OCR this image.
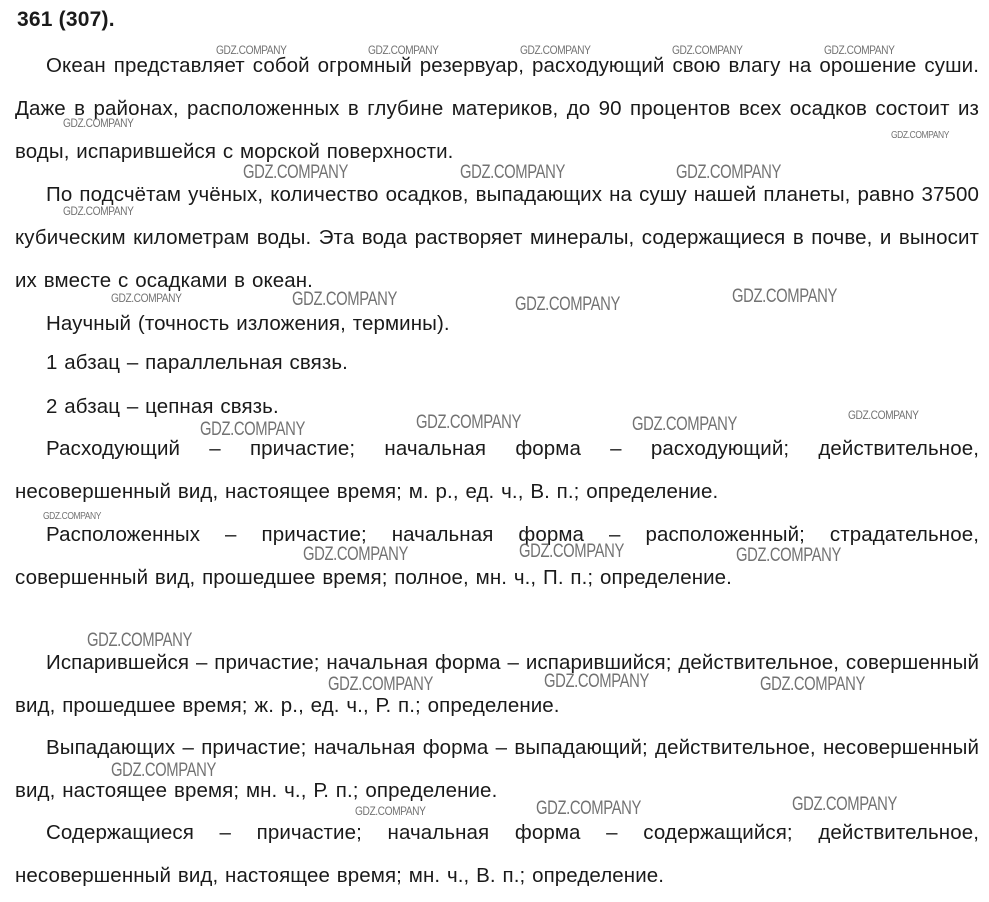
361 (307).

Океан представляет собой огромный резервуар, расходующий свою влагу на орошение суши. Даже в районах, расположенных в глубине материков, до 90 процентов всех осадков состоит из воды, испарившейся с морской поверхности.

По подсчётам учёных, количество осадков, выпадающих на сушу нашей планеты, равно 37500 кубическим километрам воды. Эта вода растворяет минералы, содержащиеся в почве, и выносит их вместе с осадками в океан.

Научный (точность изложения, термины).

1 абзац – параллельная связь.

2 абзац – цепная связь.

Расходующий – причастие; начальная форма – расходующий; действительное, несовершенный вид, настоящее время; м. р., ед. ч., В. п.; определение.

Расположенных – причастие; начальная форма – расположенный; страдательное, совершенный вид, прошедшее время; полное, мн. ч., П. п.; определение.

Испарившейся – причастие; начальная форма – испарившийся; действительное, совершенный вид, прошедшее время; ж. р., ед. ч., Р. п.; определение.

Выпадающих – причастие; начальная форма – выпадающий; действительное, несовершенный вид, настоящее время; мн. ч., Р. п.; определение.

Содержащиеся – причастие; начальная форма – содержащийся; действительное, несовершенный вид, настоящее время; мн. ч., В. п.; определение.

GDZ.COMPANY	GDZ.COMPANY	GDZ.COMPANY	GDZ.COMPANY	GDZ.COMPANY
GDZ.COMPANY
GDZ.COMPANY
GDZ.COMPANY	GDZ.COMPANY	GDZ.COMPANY
GDZ.COMPANY
GDZ.COMPANY	GDZ.COMPANY	GDZ.COMPANY	GDZ.COMPANY
GDZ.COMPANY	GDZ.COMPANY	GDZ.COMPANY
GDZ.COMPANY
GDZ.COMPANY
GDZ.COMPANY	GDZ.COMPANY	GDZ.COMPANY
GDZ.COMPANY
GDZ.COMPANY	GDZ.COMPANY	GDZ.COMPANY
GDZ.COMPANY
GDZ.COMPANY	GDZ.COMPANY	GDZ.COMPANY
